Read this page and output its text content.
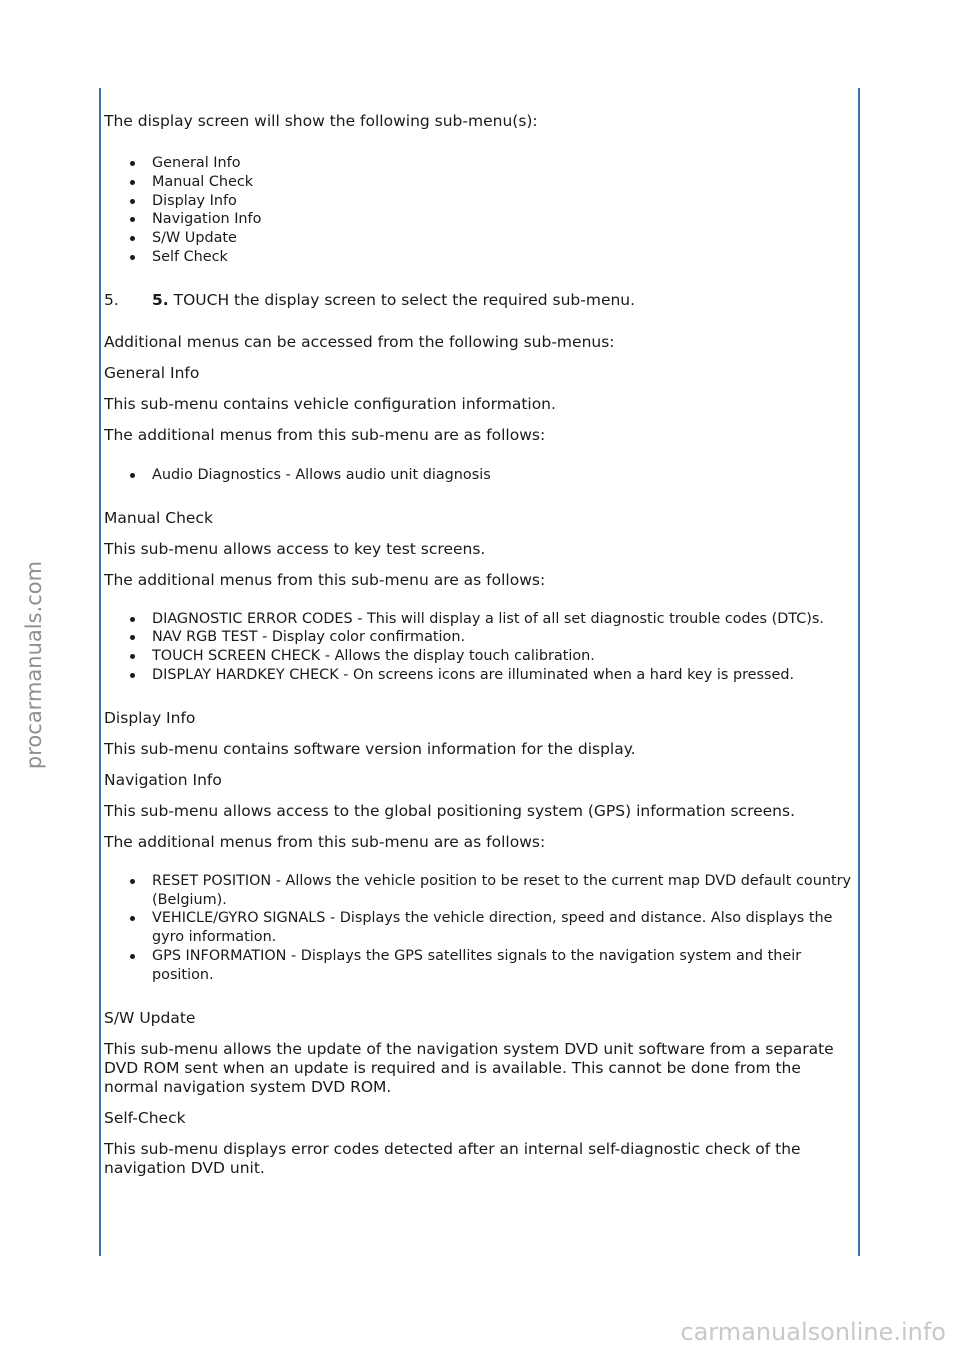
procarmanuals.com
carmanualsonline.info

The display screen will show the following sub-menu(s):

General Info
Manual Check
Display Info
Navigation Info
S/W Update
Self Check

5. 5. TOUCH the display screen to select the required sub-menu.

Additional menus can be accessed from the following sub-menus:

General Info

This sub-menu contains vehicle configuration information.

The additional menus from this sub-menu are as follows:

Audio Diagnostics - Allows audio unit diagnosis

Manual Check

This sub-menu allows access to key test screens.

The additional menus from this sub-menu are as follows:

DIAGNOSTIC ERROR CODES - This will display a list of all set diagnostic trouble codes (DTC)s.
NAV RGB TEST - Display color confirmation.
TOUCH SCREEN CHECK - Allows the display touch calibration.
DISPLAY HARDKEY CHECK - On screens icons are illuminated when a hard key is pressed.

Display Info

This sub-menu contains software version information for the display.

Navigation Info

This sub-menu allows access to the global positioning system (GPS) information screens.

The additional menus from this sub-menu are as follows:

RESET POSITION - Allows the vehicle position to be reset to the current map DVD default country (Belgium).
VEHICLE/GYRO SIGNALS - Displays the vehicle direction, speed and distance. Also displays the gyro information.
GPS INFORMATION - Displays the GPS satellites signals to the navigation system and their position.

S/W Update

This sub-menu allows the update of the navigation system DVD unit software from a separate DVD ROM sent when an update is required and is available. This cannot be done from the normal navigation system DVD ROM.

Self-Check

This sub-menu displays error codes detected after an internal self-diagnostic check of the navigation DVD unit.
